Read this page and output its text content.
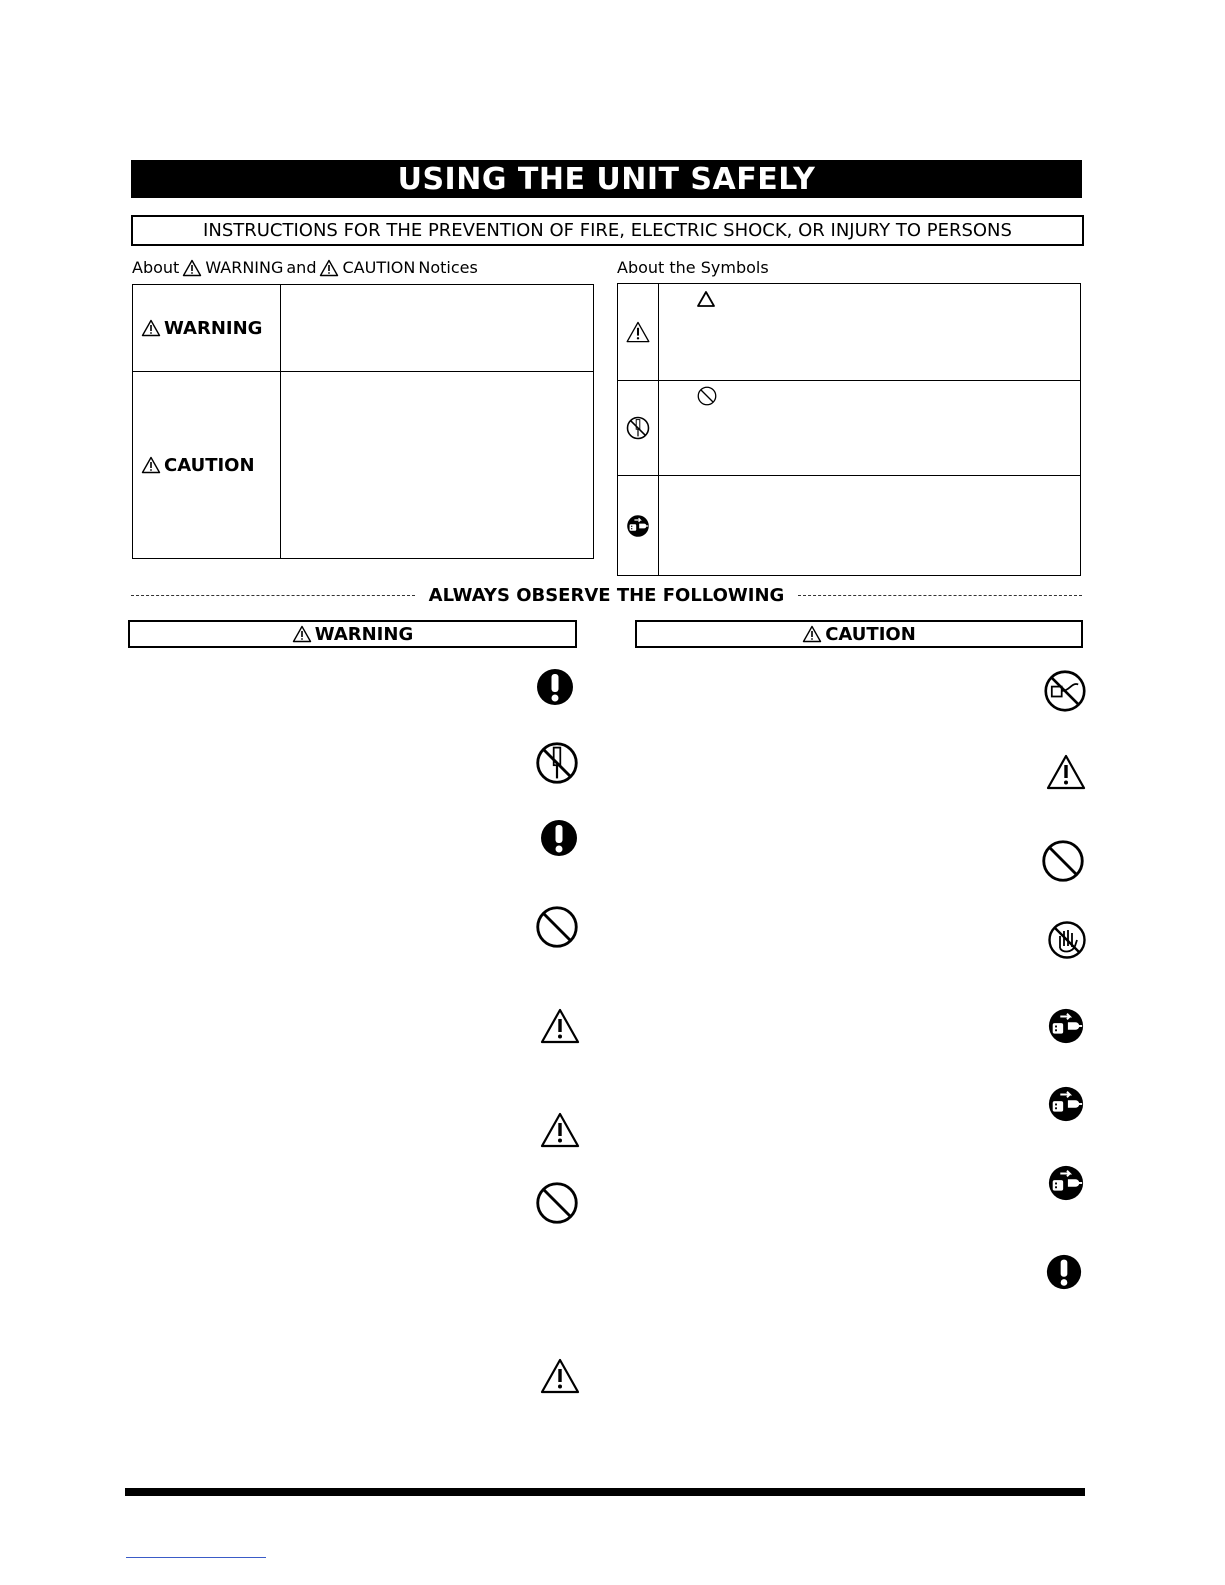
USING THE UNIT SAFELY
INSTRUCTIONS FOR THE PREVENTION OF FIRE, ELECTRIC SHOCK, OR INJURY TO PERSONS
About WARNING and CAUTION Notices
WARNING
CAUTION
About the Symbols
ALWAYS OBSERVE THE FOLLOWING
WARNING	CAUTION
